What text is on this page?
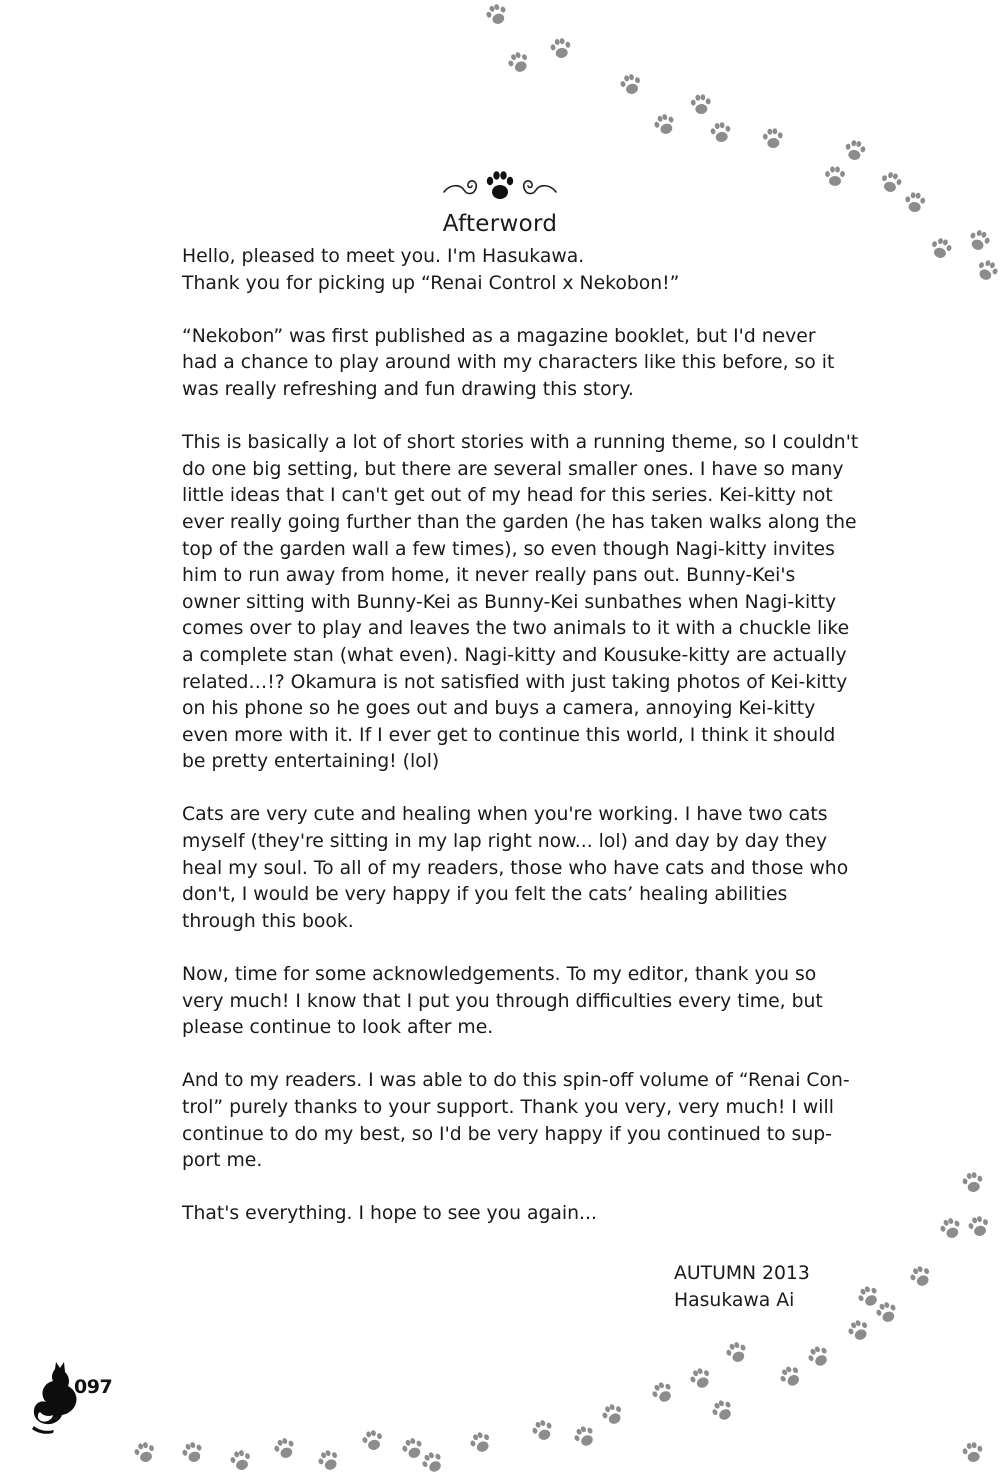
Afterword

Hello, pleased to meet you. I'm Hasukawa.
Thank you for picking up “Renai Control x Nekobon!”

“Nekobon” was first published as a magazine booklet, but I'd never
had a chance to play around with my characters like this before, so it
was really refreshing and fun drawing this story.

This is basically a lot of short stories with a running theme, so I couldn't
do one big setting, but there are several smaller ones. I have so many
little ideas that I can't get out of my head for this series. Kei-kitty not
ever really going further than the garden (he has taken walks along the
top of the garden wall a few times), so even though Nagi-kitty invites
him to run away from home, it never really pans out. Bunny-Kei's
owner sitting with Bunny-Kei as Bunny-Kei sunbathes when Nagi-kitty
comes over to play and leaves the two animals to it with a chuckle like
a complete stan (what even). Nagi-kitty and Kousuke-kitty are actually
related…!? Okamura is not satisfied with just taking photos of Kei-kitty
on his phone so he goes out and buys a camera, annoying Kei-kitty
even more with it. If I ever get to continue this world, I think it should
be pretty entertaining! (lol)

Cats are very cute and healing when you're working. I have two cats
myself (they're sitting in my lap right now... lol) and day by day they
heal my soul. To all of my readers, those who have cats and those who
don't, I would be very happy if you felt the cats’ healing abilities
through this book.

Now, time for some acknowledgements. To my editor, thank you so
very much! I know that I put you through difficulties every time, but
please continue to look after me.

And to my readers. I was able to do this spin-off volume of “Renai Con-
trol” purely thanks to your support. Thank you very, very much! I will
continue to do my best, so I'd be very happy if you continued to sup-
port me.

That's everything. I hope to see you again...

AUTUMN 2013
Hasukawa Ai
097
